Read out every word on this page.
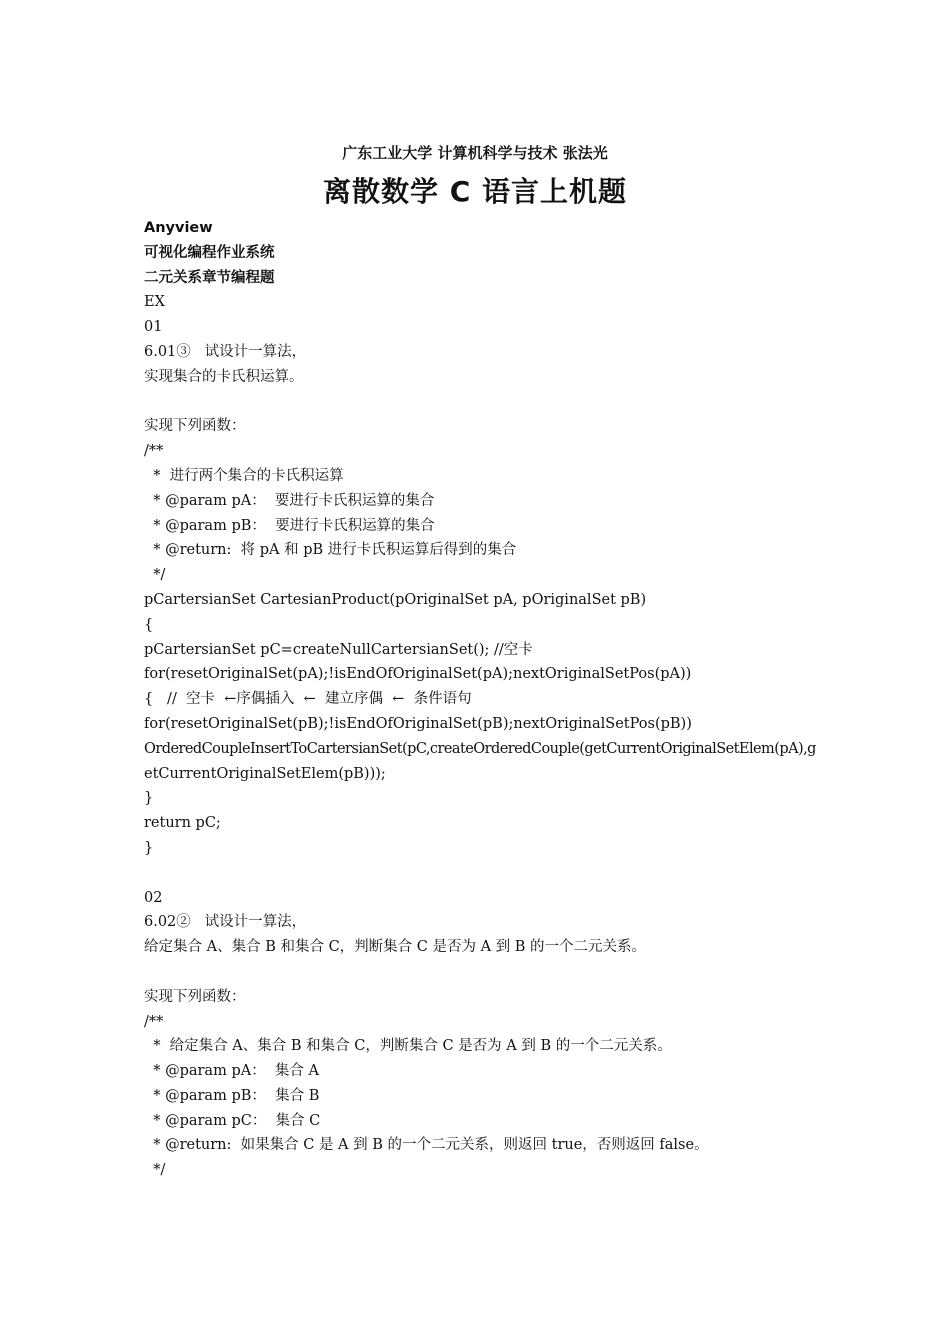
广东工业大学 计算机科学与技术 张法光
离散数学 C 语言上机题
Anyview
可视化编程作业系统
二元关系章节编程题
EX
01
6.01③   试设计一算法，
实现集合的卡氏积运算。
实现下列函数：
/**
*  进行两个集合的卡氏积运算
* @param pA：  要进行卡氏积运算的集合
* @param pB：  要进行卡氏积运算的集合
* @return:  将 pA 和 pB 进行卡氏积运算后得到的集合
*/
pCartersianSet CartesianProduct(pOriginalSet pA, pOriginalSet pB)
{
pCartersianSet pC=createNullCartersianSet(); //空卡
for(resetOriginalSet(pA);!isEndOfOriginalSet(pA);nextOriginalSetPos(pA))
{   //  空卡  ←序偶插入  ←  建立序偶  ←  条件语句
for(resetOriginalSet(pB);!isEndOfOriginalSet(pB);nextOriginalSetPos(pB))
OrderedCoupleInsertToCartersianSet(pC,createOrderedCouple(getCurrentOriginalSetElem(pA),g
etCurrentOriginalSetElem(pB)));
}
return pC;
}
02
6.02②   试设计一算法，
给定集合 A、集合 B 和集合 C，判断集合 C 是否为 A 到 B 的一个二元关系。
实现下列函数：
/**
*  给定集合 A、集合 B 和集合 C，判断集合 C 是否为 A 到 B 的一个二元关系。
* @param pA：  集合 A
* @param pB：  集合 B
* @param pC：  集合 C
* @return:  如果集合 C 是 A 到 B 的一个二元关系，则返回 true，否则返回 false。
*/
